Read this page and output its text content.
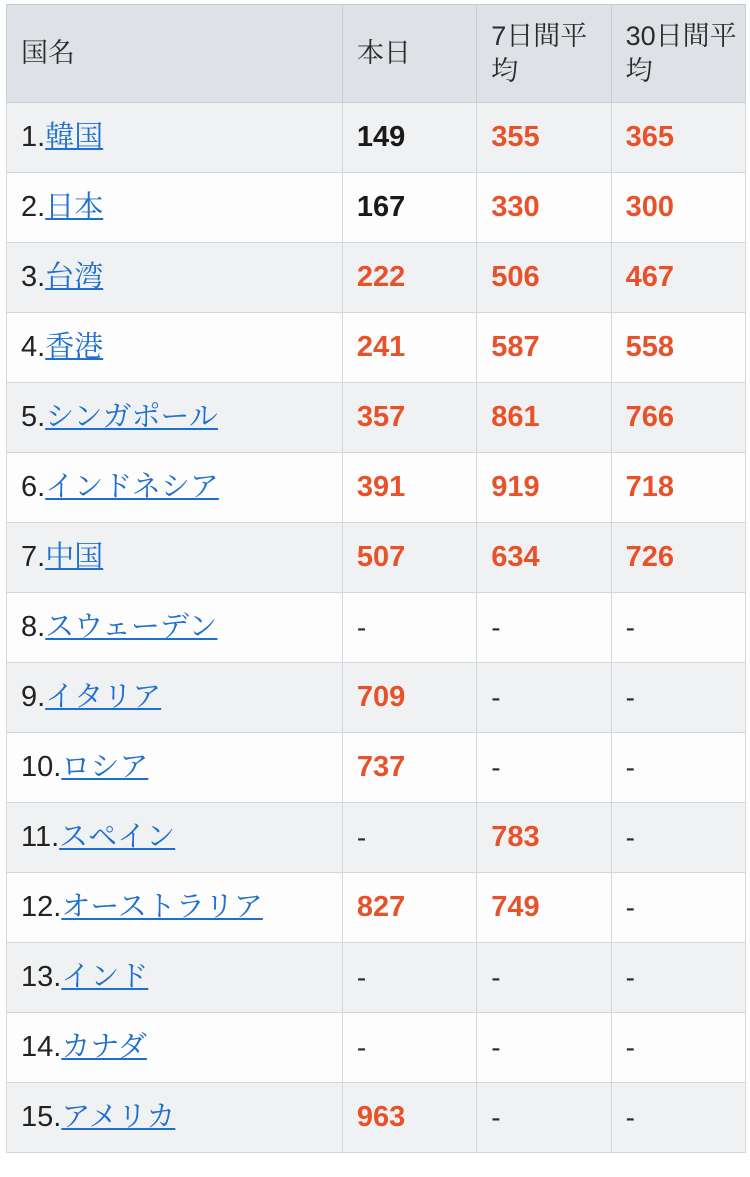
国名	本日	7日間平均	30日間平均
1.韓国	149	355	365
2.日本	167	330	300
3.台湾	222	506	467
4.香港	241	587	558
5.シンガポール	357	861	766
6.インドネシア	391	919	718
7.中国	507	634	726
8.スウェーデン	-	-	-
9.イタリア	709	-	-
10.ロシア	737	-	-
11.スペイン	-	783	-
12.オーストラリア	827	749	-
13.インド	-	-	-
14.カナダ	-	-	-
15.アメリカ	963	-	-
